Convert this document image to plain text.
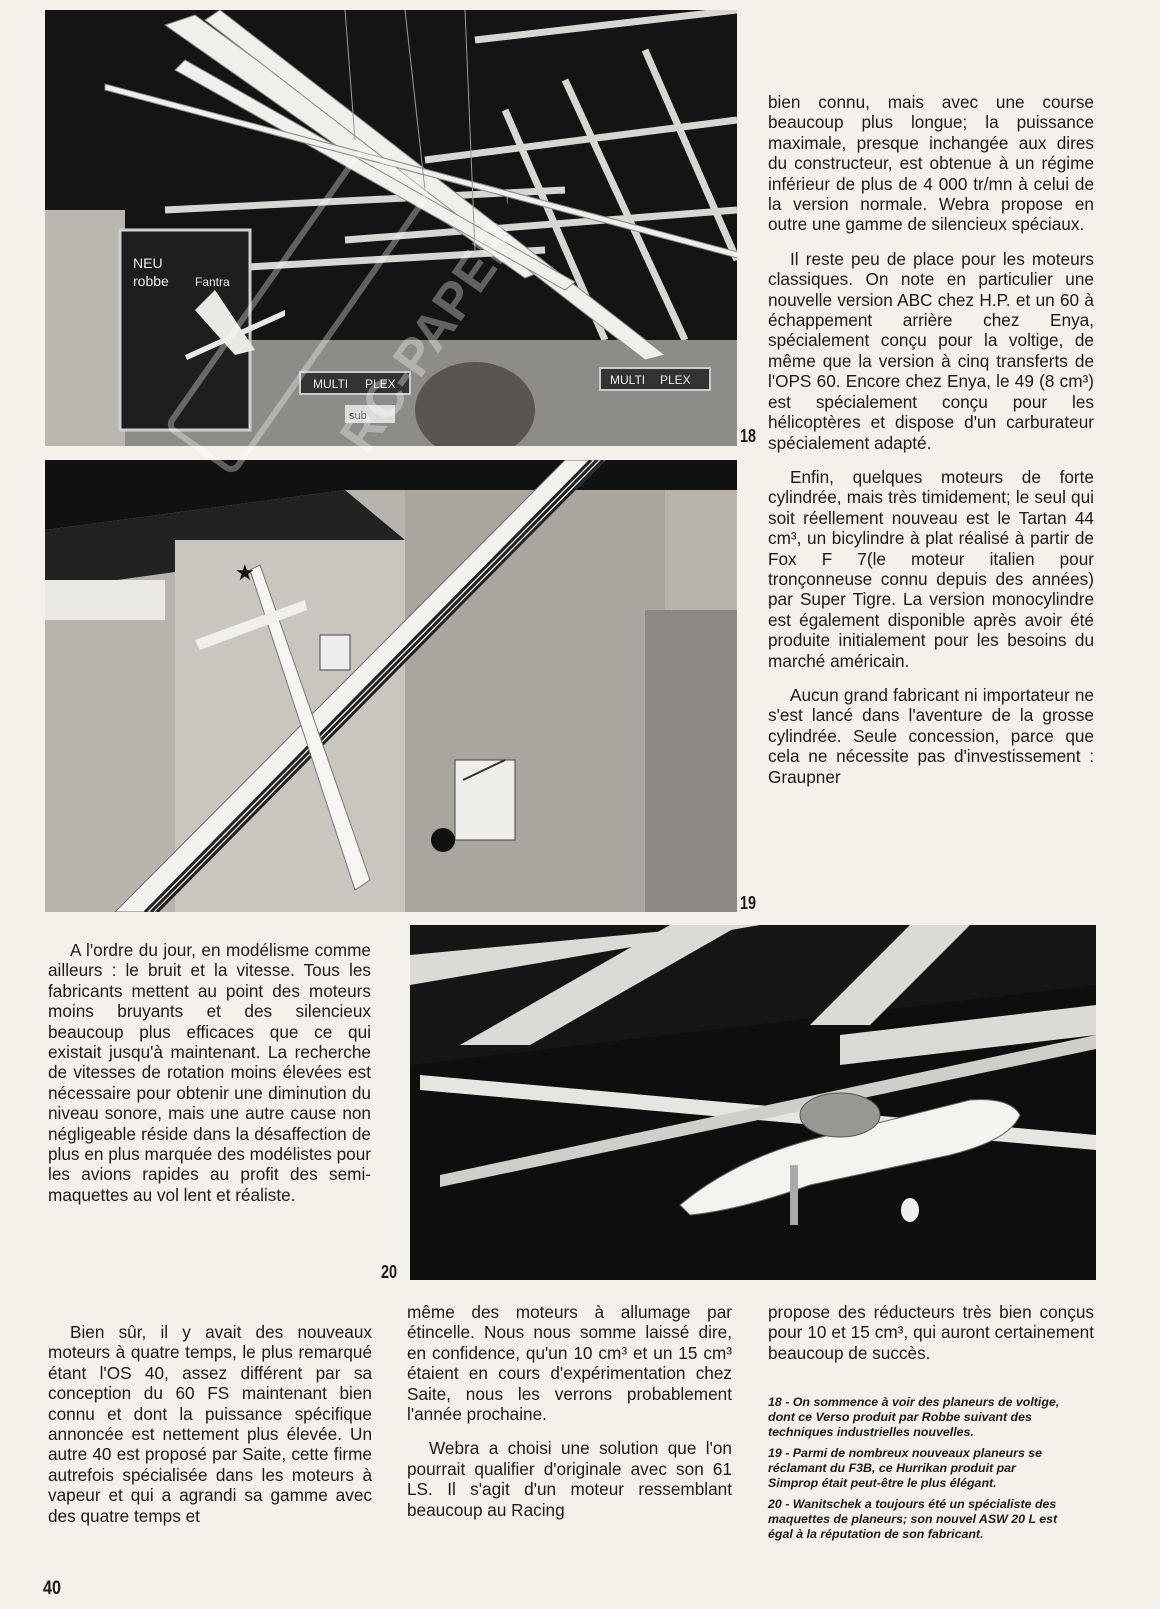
NEU
robbe Fantra
MULTI PLEX	MULTI PLEX
sub
★
18
19
20

bien connu, mais avec une course beaucoup plus longue; la puissance maximale, presque inchangée aux dires du constructeur, est obtenue à un régime inférieur de plus de 4 000 tr/mn à celui de la version normale. Webra propose en outre une gamme de silencieux spéciaux.

Il reste peu de place pour les moteurs classiques. On note en particulier une nouvelle version ABC chez H.P. et un 60 à échappement arrière chez Enya, spécialement conçu pour la voltige, de même que la version à cinq transferts de l'OPS 60. Encore chez Enya, le 49 (8 cm³) est spécialement conçu pour les hélicoptères et dispose d'un carburateur spécialement adapté.

Enfin, quelques moteurs de forte cylindrée, mais très timidement; le seul qui soit réellement nouveau est le Tartan 44 cm³, un bicylindre à plat réalisé à partir de Fox F 7(le moteur italien pour tronçonneuse connu depuis des années) par Super Tigre. La version monocylindre est également disponible après avoir été produite initialement pour les besoins du marché américain.

Aucun grand fabricant ni importateur ne s'est lancé dans l'aventure de la grosse cylindrée. Seule concession, parce que cela ne nécessite pas d'investissement : Graupner

A l'ordre du jour, en modélisme comme ailleurs : le bruit et la vitesse. Tous les fabricants mettent au point des moteurs moins bruyants et des silencieux beaucoup plus efficaces que ce qui existait jusqu'à maintenant. La recherche de vitesses de rotation moins élevées est nécessaire pour obtenir une diminution du niveau sonore, mais une autre cause non négligeable réside dans la désaffection de plus en plus marquée des modélistes pour les avions rapides au profit des semi-maquettes au vol lent et réaliste.

Bien sûr, il y avait des nouveaux moteurs à quatre temps, le plus remarqué étant l'OS 40, assez différent par sa conception du 60 FS maintenant bien connu et dont la puissance spécifique annoncée est nettement plus élevée. Un autre 40 est proposé par Saite, cette firme autrefois spécialisée dans les moteurs à vapeur et qui a agrandi sa gamme avec des quatre temps et

même des moteurs à allumage par étincelle. Nous nous somme laissé dire, en confidence, qu'un 10 cm³ et un 15 cm³ étaient en cours d'expérimentation chez Saite, nous les verrons probablement l'année prochaine.

Webra a choisi une solution que l'on pourrait qualifier d'originale avec son 61 LS. Il s'agit d'un moteur ressemblant beaucoup au Racing

propose des réducteurs très bien conçus pour 10 et 15 cm³, qui auront certainement beaucoup de succès.

18 - On sommence à voir des planeurs de voltige, dont ce Verso produit par Robbe suivant des techniques industrielles nouvelles.

19 - Parmi de nombreux nouveaux planeurs se réclamant du F3B, ce Hurrikan produit par Simprop était peut-être le plus élégant.

20 - Wanitschek a toujours été un spécialiste des maquettes de planeurs; son nouvel ASW 20 L est égal à la réputation de son fabricant.

40
